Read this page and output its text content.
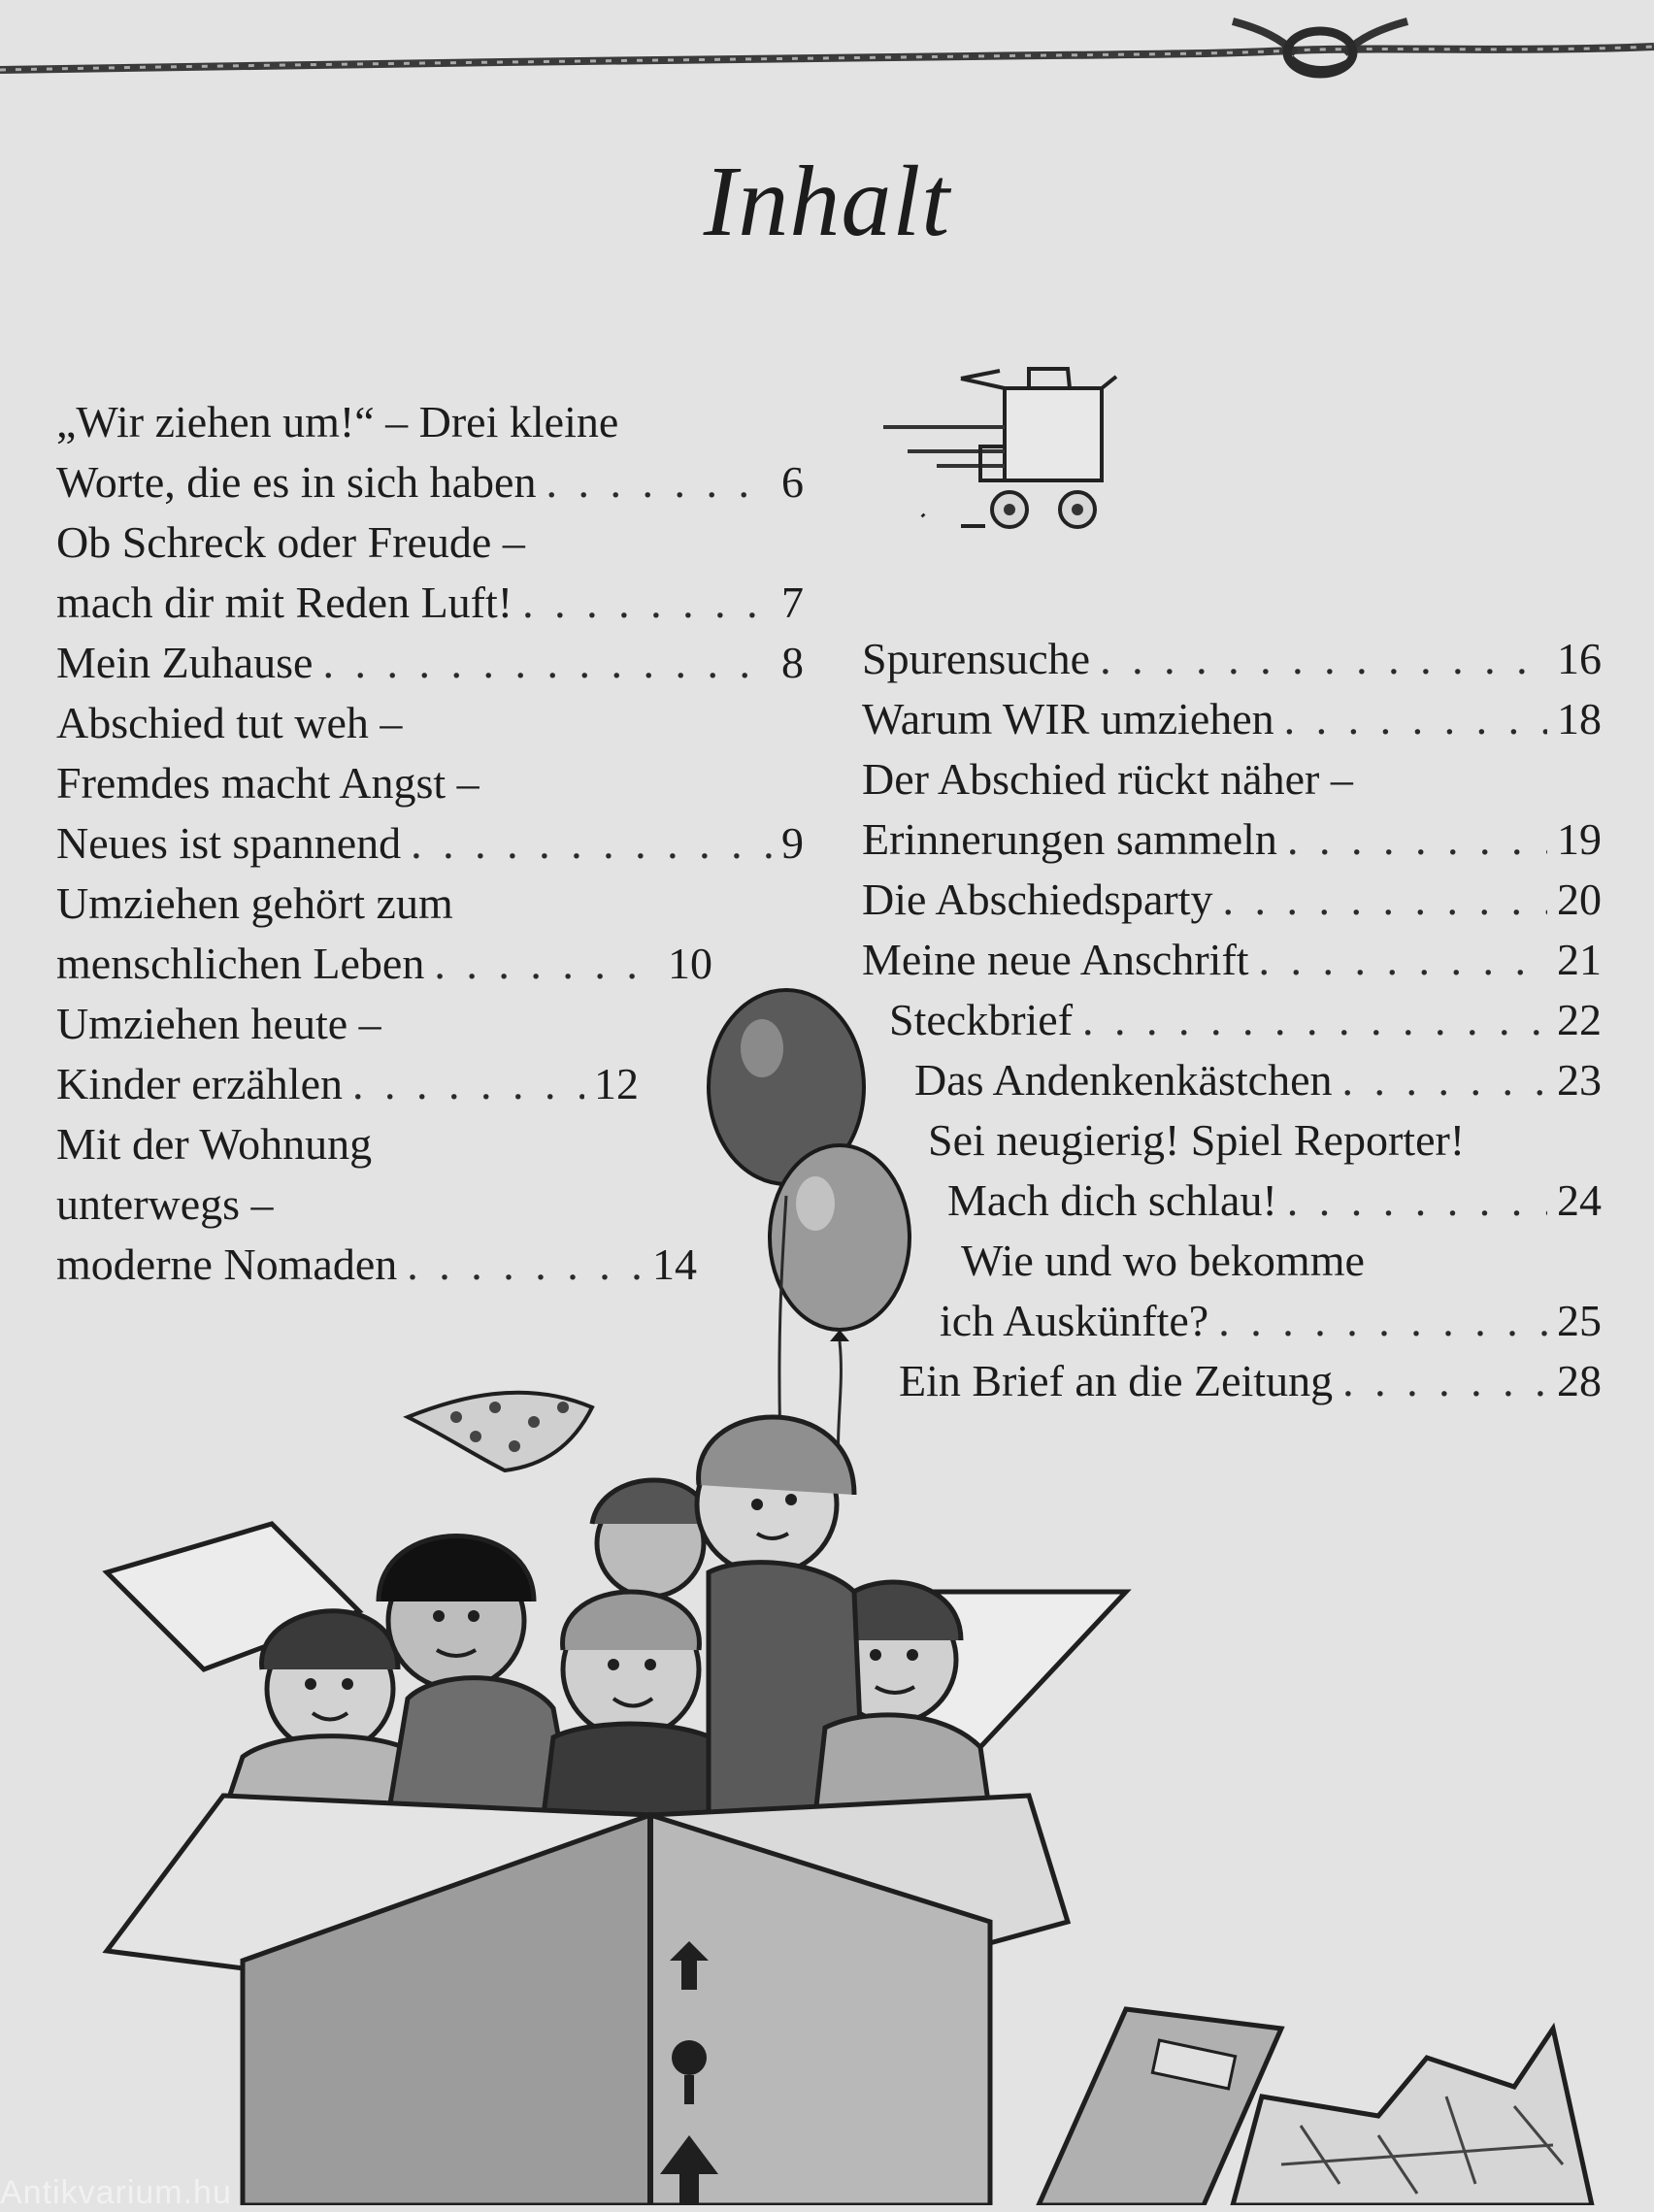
Inhalt
„Wir ziehen um!“ – Drei kleine
Worte, die es in sich haben . . .	6
Ob Schreck oder Freude –
mach dir mit Reden Luft! . . .	7
Mein Zuhause . . .	8
Abschied tut weh –
Fremdes macht Angst –
Neues ist spannend . . .	9
Umziehen gehört zum
menschlichen Leben . . .	10
Umziehen heute –
Kinder erzählen . . .	12
Mit der Wohnung
unterwegs –
moderne Nomaden . . .	14
Spurensuche . . .	16
Warum WIR umziehen . . .	18
Der Abschied rückt näher –
Erinnerungen sammeln . . .	19
Die Abschiedsparty . . .	20
Meine neue Anschrift . . .	21
Steckbrief . . .	22
Das Andenkenkästchen . . .	23
Sei neugierig! Spiel Reporter!
Mach dich schlau! . . .	24
Wie und wo bekomme
ich Auskünfte? . . .	25
Ein Brief an die Zeitung . . .	28
Antikvarium.hu
